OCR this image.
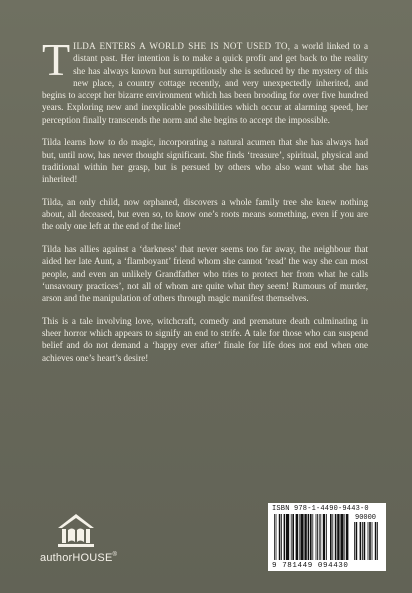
TILDA ENTERS A WORLD SHE IS NOT USED TO, a world linked to a distant past. Her intention is to make a quick profit and get back to the reality she has always known but surruptitiously she is seduced by the mystery of this new place, a country cottage recently, and very unexpectedly inherited, and begins to accept her bizarre environment which has been brooding for over five hundred years. Exploring new and inexplicable possibilities which occur at alarming speed, her perception finally transcends the norm and she begins to accept the impossible.

Tilda learns how to do magic, incorporating a natural acumen that she has always had but, until now, has never thought significant. She finds ‘treasure’, spiritual, physical and traditional within her grasp, but is persued by others who also want what she has inherited!

Tilda, an only child, now orphaned, discovers a whole family tree she knew nothing about, all deceased, but even so, to know one’s roots means something, even if you are the only one left at the end of the line!

Tilda has allies against a ‘darkness’ that never seems too far away, the neighbour that aided her late Aunt, a ‘flamboyant’ friend whom she cannot ‘read’ the way she can most people, and even an unlikely Grandfather who tries to protect her from what he calls ‘unsavoury practices’, not all of whom are quite what they seem! Rumours of murder, arson and the manipulation of others through magic manifest themselves.

This is a tale involving love, witchcraft, comedy and premature death culminating in sheer horror which appears to signify an end to strife. A tale for those who can suspend belief and do not demand a ‘happy ever after’ finale for life does not end when one achieves one’s heart’s desire!

authorHOUSE®
ISBN 978-1-4490-9443-0
90000
9 781449 094430
